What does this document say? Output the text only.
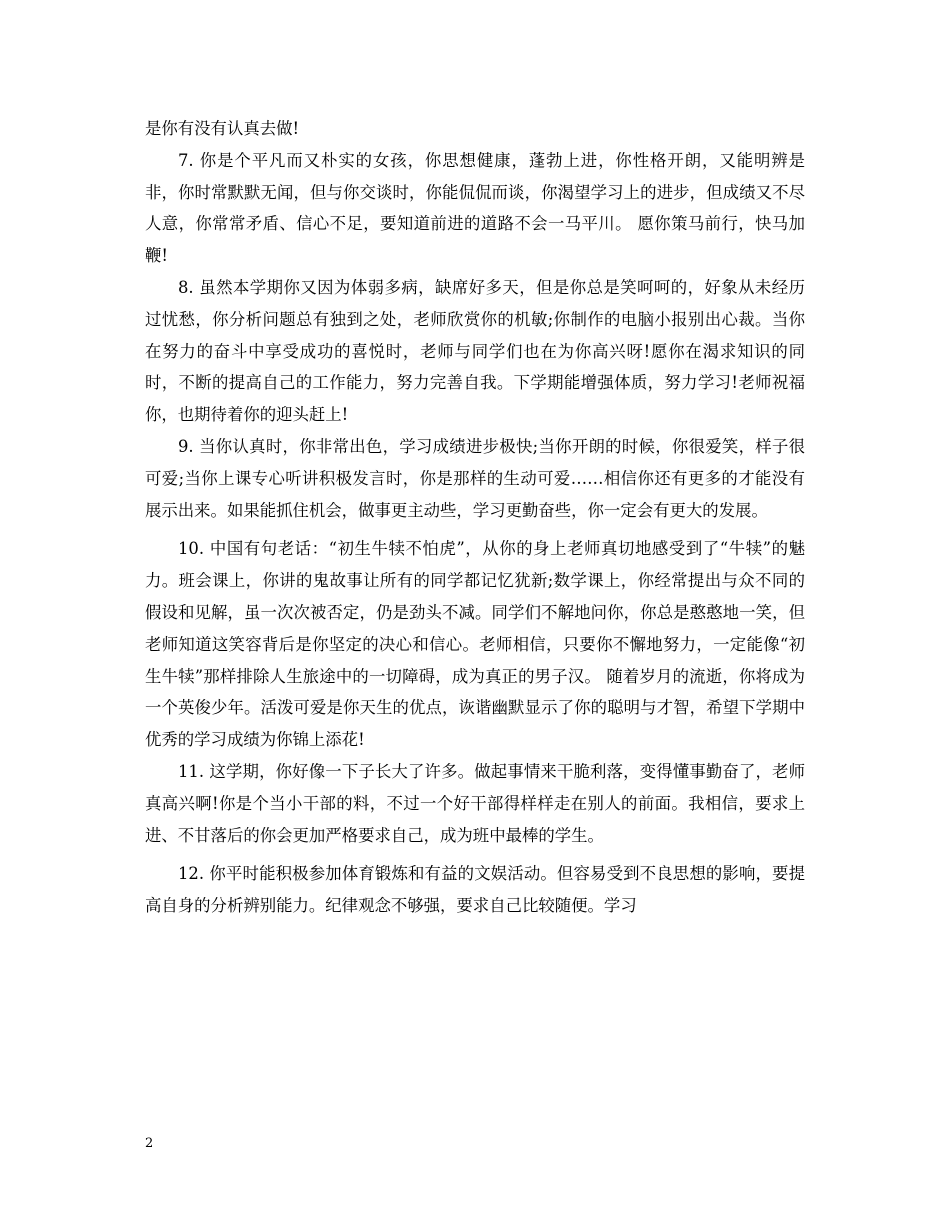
是你有没有认真去做!

7. 你是个平凡而又朴实的女孩，你思想健康，蓬勃上进，你性格开朗，又能明辨是非，你时常默默无闻，但与你交谈时，你能侃侃而谈，你渴望学习上的进步，但成绩又不尽人意，你常常矛盾、信心不足，要知道前进的道路不会一马平川。 愿你策马前行，快马加鞭!

8. 虽然本学期你又因为体弱多病，缺席好多天，但是你总是笑呵呵的，好象从未经历过忧愁，你分析问题总有独到之处，老师欣赏你的机敏;你制作的电脑小报别出心裁。当你在努力的奋斗中享受成功的喜悦时，老师与同学们也在为你高兴呀!愿你在渴求知识的同时，不断的提高自己的工作能力，努力完善自我。下学期能增强体质，努力学习!老师祝福你，也期待着你的迎头赶上!

9. 当你认真时，你非常出色，学习成绩进步极快;当你开朗的时候，你很爱笑，样子很可爱;当你上课专心听讲积极发言时，你是那样的生动可爱……相信你还有更多的才能没有展示出来。如果能抓住机会，做事更主动些，学习更勤奋些，你一定会有更大的发展。

10. 中国有句老话：“初生牛犊不怕虎”，从你的身上老师真切地感受到了“牛犊”的魅力。班会课上，你讲的鬼故事让所有的同学都记忆犹新;数学课上，你经常提出与众不同的假设和见解，虽一次次被否定，仍是劲头不减。同学们不解地问你，你总是憨憨地一笑，但老师知道这笑容背后是你坚定的决心和信心。老师相信，只要你不懈地努力，一定能像“初生牛犊”那样排除人生旅途中的一切障碍，成为真正的男子汉。 随着岁月的流逝，你将成为一个英俊少年。活泼可爱是你天生的优点，诙谐幽默显示了你的聪明与才智，希望下学期中优秀的学习成绩为你锦上添花!

11. 这学期，你好像一下子长大了许多。做起事情来干脆利落，变得懂事勤奋了，老师真高兴啊!你是个当小干部的料，不过一个好干部得样样走在别人的前面。我相信，要求上进、不甘落后的你会更加严格要求自己，成为班中最棒的学生。

12. 你平时能积极参加体育锻炼和有益的文娱活动。但容易受到不良思想的影响，要提高自身的分析辨别能力。纪律观念不够强，要求自己比较随便。学习

2
